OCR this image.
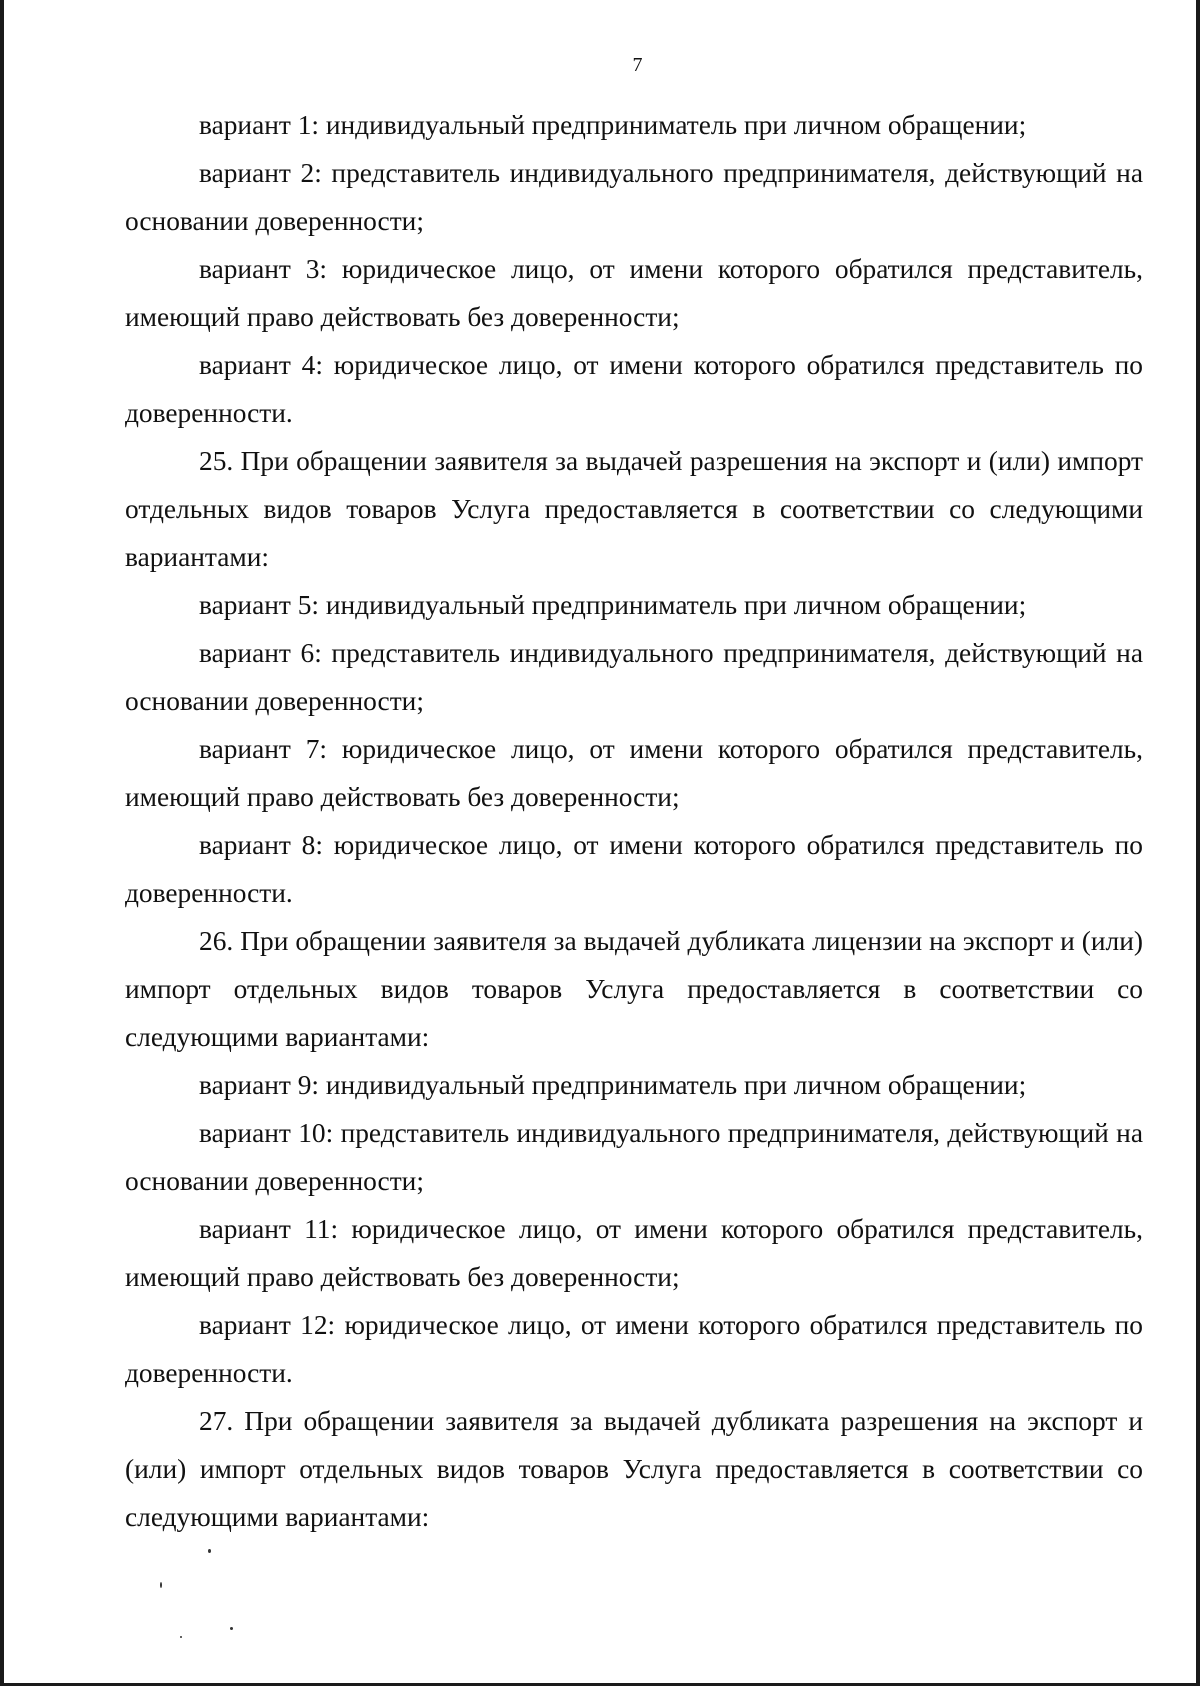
7

вариант 1: индивидуальный предприниматель при личном обращении;

вариант 2: представитель индивидуального предпринимателя, действующий на основании доверенности;

вариант 3: юридическое лицо, от имени которого обратился представитель, имеющий право действовать без доверенности;

вариант 4: юридическое лицо, от имени которого обратился представитель по доверенности.

25. При обращении заявителя за выдачей разрешения на экспорт и (или) импорт отдельных видов товаров Услуга предоставляется в соответствии со следующими вариантами:

вариант 5: индивидуальный предприниматель при личном обращении;

вариант 6: представитель индивидуального предпринимателя, действующий на основании доверенности;

вариант 7: юридическое лицо, от имени которого обратился представитель, имеющий право действовать без доверенности;

вариант 8: юридическое лицо, от имени которого обратился представитель по доверенности.

26. При обращении заявителя за выдачей дубликата лицензии на экспорт и (или) импорт отдельных видов товаров Услуга предоставляется в соответствии со следующими вариантами:

вариант 9: индивидуальный предприниматель при личном обращении;

вариант 10: представитель индивидуального предпринимателя, действующий на основании доверенности;

вариант 11: юридическое лицо, от имени которого обратился представитель, имеющий право действовать без доверенности;

вариант 12: юридическое лицо, от имени которого обратился представитель по доверенности.

27. При обращении заявителя за выдачей дубликата разрешения на экспорт и (или) импорт отдельных видов товаров Услуга предоставляется в соответствии со следующими вариантами:
